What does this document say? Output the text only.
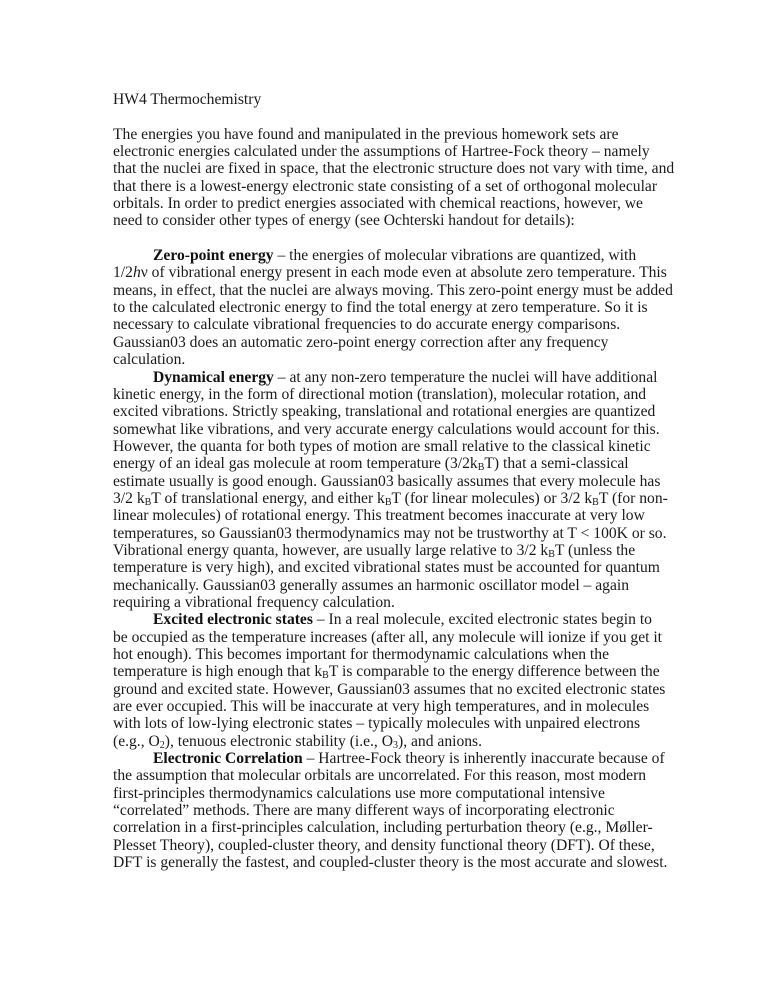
HW4 Thermochemistry
The energies you have found and manipulated in the previous homework sets are
electronic energies calculated under the assumptions of Hartree-Fock theory – namely
that the nuclei are fixed in space, that the electronic structure does not vary with time, and
that there is a lowest-energy electronic state consisting of a set of orthogonal molecular
orbitals. In order to predict energies associated with chemical reactions, however, we
need to consider other types of energy (see Ochterski handout for details):
Zero-point energy – the energies of molecular vibrations are quantized, with
1/2hν of vibrational energy present in each mode even at absolute zero temperature. This
means, in effect, that the nuclei are always moving. This zero-point energy must be added
to the calculated electronic energy to find the total energy at zero temperature. So it is
necessary to calculate vibrational frequencies to do accurate energy comparisons.
Gaussian03 does an automatic zero-point energy correction after any frequency
calculation.
Dynamical energy – at any non-zero temperature the nuclei will have additional
kinetic energy, in the form of directional motion (translation), molecular rotation, and
excited vibrations. Strictly speaking, translational and rotational energies are quantized
somewhat like vibrations, and very accurate energy calculations would account for this.
However, the quanta for both types of motion are small relative to the classical kinetic
energy of an ideal gas molecule at room temperature $(3/2k_BT)$ that a semi-classical
estimate usually is good enough. Gaussian03 basically assumes that every molecule has
3/2 $k_BT$ of translational energy, and either $k_BT$ (for linear molecules) or 3/2 $k_BT$ (for non-
linear molecules) of rotational energy. This treatment becomes inaccurate at very low
temperatures, so Gaussian03 thermodynamics may not be trustworthy at T < 100K or so.
Vibrational energy quanta, however, are usually large relative to 3/2 $k_BT$ (unless the
temperature is very high), and excited vibrational states must be accounted for quantum
mechanically. Gaussian03 generally assumes an harmonic oscillator model – again
requiring a vibrational frequency calculation.
Excited electronic states – In a real molecule, excited electronic states begin to
be occupied as the temperature increases (after all, any molecule will ionize if you get it
hot enough). This becomes important for thermodynamic calculations when the
temperature is high enough that $k_BT$ is comparable to the energy difference between the
ground and excited state. However, Gaussian03 assumes that no excited electronic states
are ever occupied. This will be inaccurate at very high temperatures, and in molecules
with lots of low-lying electronic states – typically molecules with unpaired electrons
(e.g., $O_2$), tenuous electronic stability (i.e., $O_3$), and anions.
Electronic Correlation – Hartree-Fock theory is inherently inaccurate because of
the assumption that molecular orbitals are uncorrelated. For this reason, most modern
first-principles thermodynamics calculations use more computational intensive
“correlated” methods. There are many different ways of incorporating electronic
correlation in a first-principles calculation, including perturbation theory (e.g., Møller-
Plesset Theory), coupled-cluster theory, and density functional theory (DFT). Of these,
DFT is generally the fastest, and coupled-cluster theory is the most accurate and slowest.
